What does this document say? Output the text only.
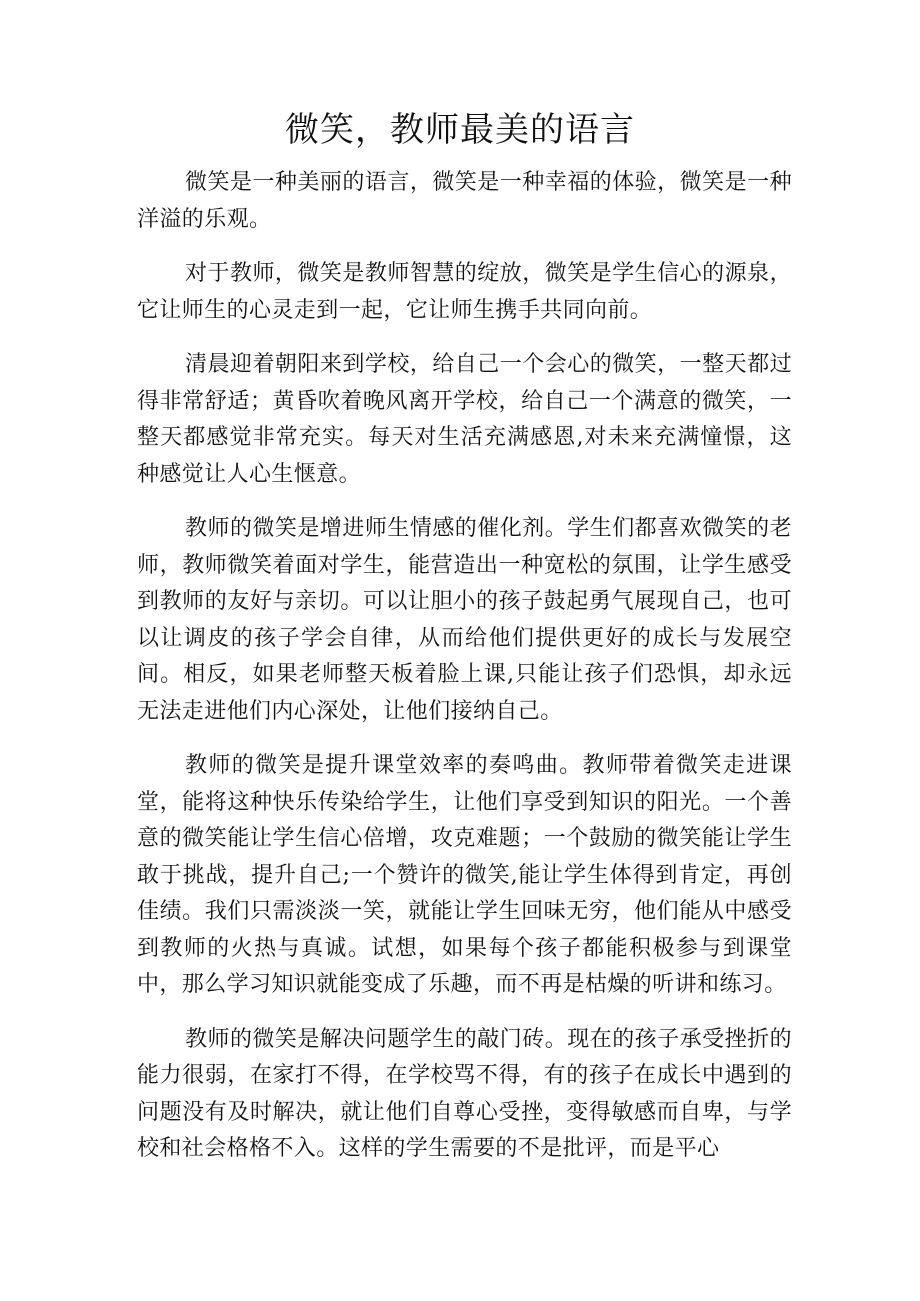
微笑，教师最美的语言

微笑是一种美丽的语言，微笑是一种幸福的体验，微笑是一种洋溢的乐观。

对于教师，微笑是教师智慧的绽放，微笑是学生信心的源泉，它让师生的心灵走到一起，它让师生携手共同向前。

清晨迎着朝阳来到学校，给自己一个会心的微笑，一整天都过得非常舒适；黄昏吹着晚风离开学校，给自己一个满意的微笑，一整天都感觉非常充实。每天对生活充满感恩,对未来充满憧憬，这种感觉让人心生惬意。

教师的微笑是增进师生情感的催化剂。学生们都喜欢微笑的老师，教师微笑着面对学生，能营造出一种宽松的氛围，让学生感受到教师的友好与亲切。可以让胆小的孩子鼓起勇气展现自己，也可以让调皮的孩子学会自律，从而给他们提供更好的成长与发展空间。相反，如果老师整天板着脸上课,只能让孩子们恐惧，却永远无法走进他们内心深处，让他们接纳自己。

教师的微笑是提升课堂效率的奏鸣曲。教师带着微笑走进课堂，能将这种快乐传染给学生，让他们享受到知识的阳光。一个善意的微笑能让学生信心倍增，攻克难题；一个鼓励的微笑能让学生敢于挑战，提升自己;一个赞许的微笑,能让学生体得到肯定，再创佳绩。我们只需淡淡一笑，就能让学生回味无穷，他们能从中感受到教师的火热与真诚。试想，如果每个孩子都能积极参与到课堂中，那么学习知识就能变成了乐趣，而不再是枯燥的听讲和练习。

教师的微笑是解决问题学生的敲门砖。现在的孩子承受挫折的能力很弱，在家打不得，在学校骂不得，有的孩子在成长中遇到的问题没有及时解决，就让他们自尊心受挫，变得敏感而自卑，与学校和社会格格不入。这样的学生需要的不是批评，而是平心
